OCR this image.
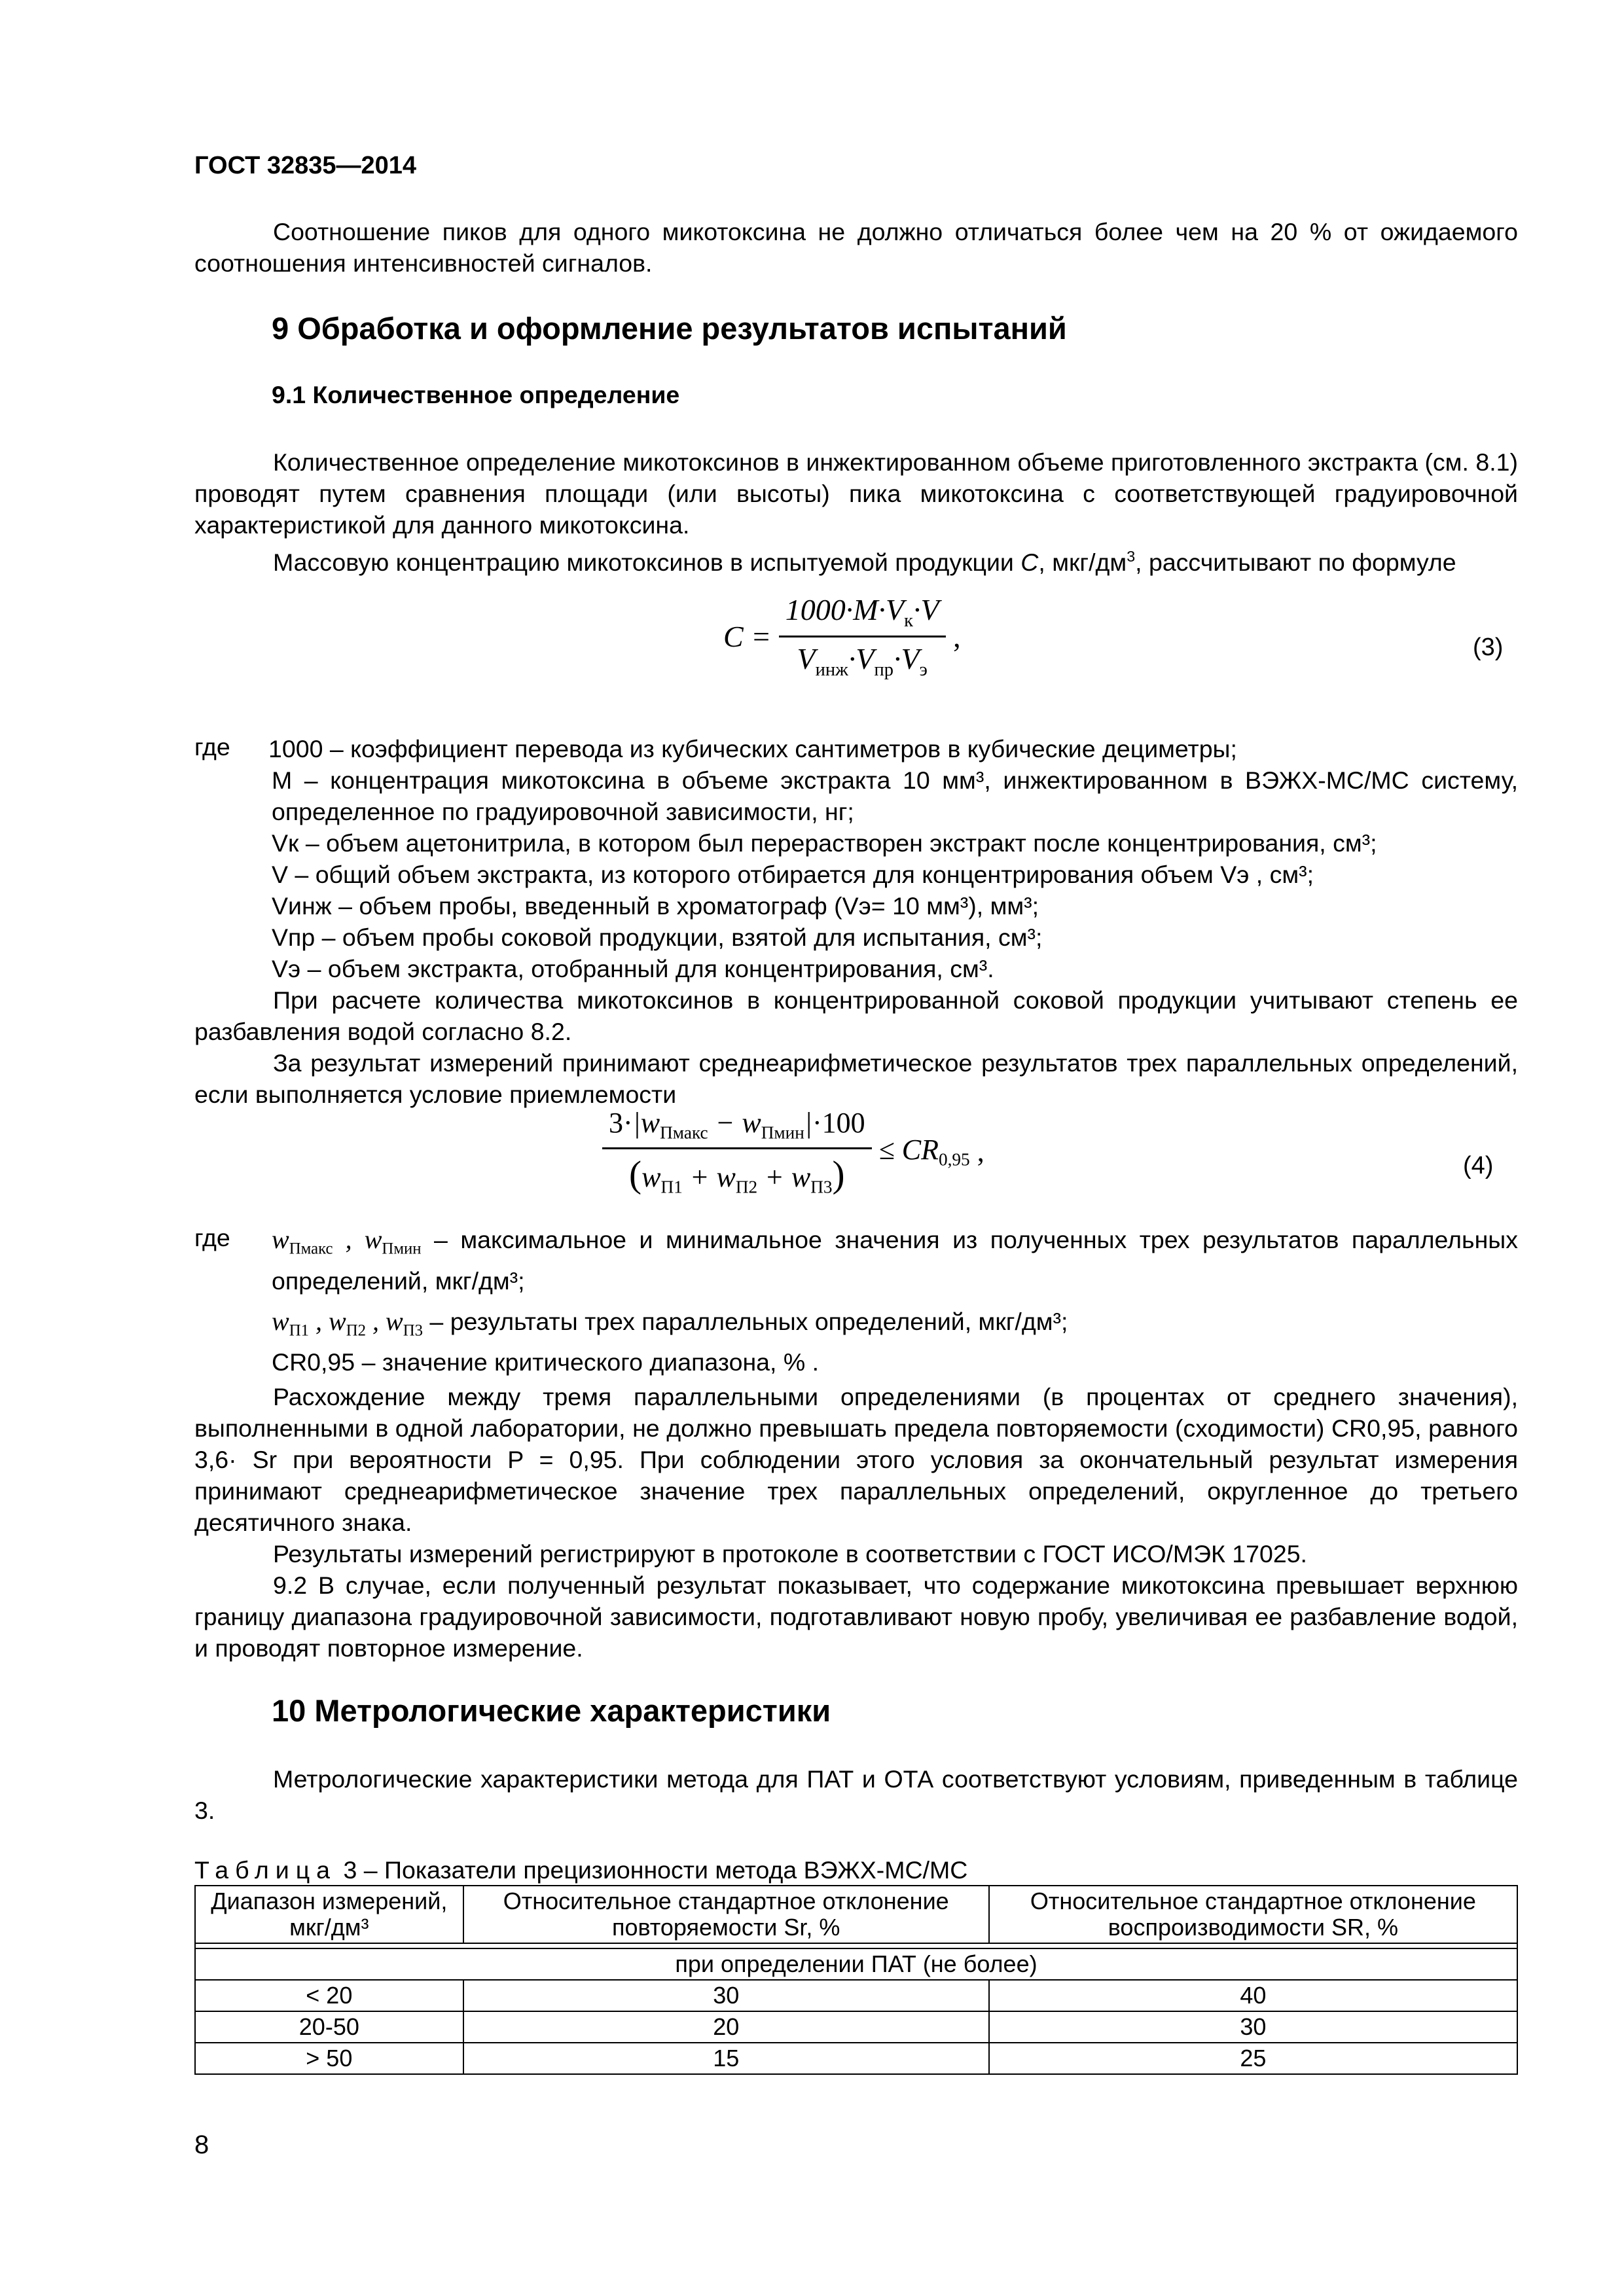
ГОСТ 32835—2014
Соотношение пиков для одного микотоксина не должно отличаться более чем на 20 % от ожидаемого соотношения интенсивностей сигналов.
9 Обработка и оформление результатов испытаний
9.1 Количественное определение
Количественное определение микотоксинов в инжектированном объеме приготовленного экстракта (см. 8.1) проводят путем сравнения площади (или высоты) пика микотоксина с соответствующей градуировочной характеристикой для данного микотоксина.
Массовую концентрацию микотоксинов в испытуемой продукции С, мкг/$дм^3$, рассчитывают по формуле
$C = \frac{1000\cdot M\cdot V_к\cdot V}{V_{инж}\cdot V_{пр}\cdot V_э}$ ,	(3)
где 1000 – коэффициент перевода из кубических сантиметров в кубические дециметры;
М – концентрация микотоксина в объеме экстракта 10 мм³, инжектированном в ВЭЖХ-МС/МС систему, определенное по градуировочной зависимости, нг;
Vк – объем ацетонитрила, в котором был перерастворен экстракт после концентрирования, см³;
V – общий объем экстракта, из которого отбирается для концентрирования объем Vэ , см³;
Vинж – объем пробы, введенный в хроматограф (Vэ= 10 мм³), мм³;
Vпр – объем пробы соковой продукции, взятой для испытания, см³;
Vэ – объем экстракта, отобранный для концентрирования, см³.
При расчете количества микотоксинов в концентрированной соковой продукции учитывают степень ее разбавления водой согласно 8.2.
За результат измерений принимают среднеарифметическое результатов трех параллельных определений, если выполняется условие приемлемости
$\frac{3\cdot|w_{Пмакс} - w_{Пмин}|\cdot 100}{(w_{П1} + w_{П2} + w_{П3})} \le CR_{0,95}$ ,	(4)
где $w_{Пмакс}$ , $w_{Пмин}$ – максимальное и минимальное значения из полученных трех результатов параллельных определений, мкг/дм³;
$w_{П1}$ , $w_{П2}$ , $w_{П3}$ – результаты трех параллельных определений, мкг/дм³;
CR0,95 – значение критического диапазона, % .
Расхождение между тремя параллельными определениями (в процентах от среднего значения), выполненными в одной лаборатории, не должно превышать предела повторяемости (сходимости) CR0,95, равного 3,6· Sr при вероятности P = 0,95. При соблюдении этого условия за окончательный результат измерения принимают среднеарифметическое значение трех параллельных определений, округленное до третьего десятичного знака.
Результаты измерений регистрируют в протоколе в соответствии с ГОСТ ИСО/МЭК 17025.
9.2 В случае, если полученный результат показывает, что содержание микотоксина превышает верхнюю границу диапазона градуировочной зависимости, подготавливают новую пробу, увеличивая ее разбавление водой, и проводят повторное измерение.
10 Метрологические характеристики
Метрологические характеристики метода для ПАТ и ОТА соответствуют условиям, приведенным в таблице 3.
Таблица 3 – Показатели прецизионности метода ВЭЖХ-МС/МС
Диапазон измерений, мкг/дм³	Относительное стандартное отклонение повторяемости Sr, %	Относительное стандартное отклонение воспроизводимости SR, %

при определении ПАТ (не более)		
< 20	30	40
20-50	20	30
> 50	15	25
8
